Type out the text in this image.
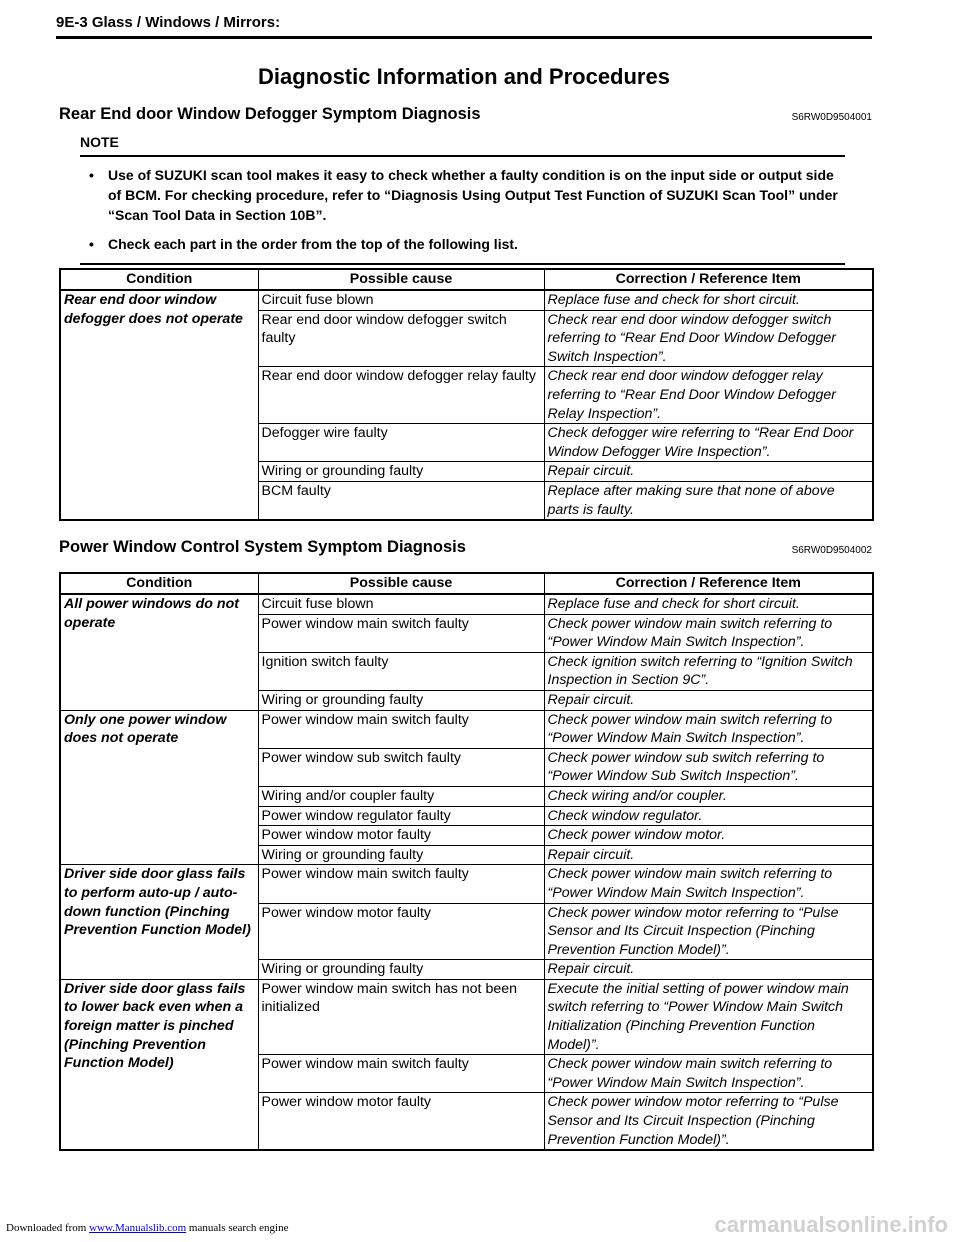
9E-3 Glass / Windows / Mirrors:
Diagnostic Information and Procedures
Rear End door Window Defogger Symptom Diagnosis	S6RW0D9504001
NOTE
• Use of SUZUKI scan tool makes it easy to check whether a faulty condition is on the input side or output side of BCM. For checking procedure, refer to “Diagnosis Using Output Test Function of SUZUKI Scan Tool” under “Scan Tool Data in Section 10B”.
• Check each part in the order from the top of the following list.
Condition	Possible cause	Correction / Reference Item
Rear end door window defogger does not operate	Circuit fuse blown	Replace fuse and check for short circuit.
	Rear end door window defogger switch faulty	Check rear end door window defogger switch referring to “Rear End Door Window Defogger Switch Inspection”.
	Rear end door window defogger relay faulty	Check rear end door window defogger relay referring to “Rear End Door Window Defogger Relay Inspection”.
	Defogger wire faulty	Check defogger wire referring to “Rear End Door Window Defogger Wire Inspection”.
	Wiring or grounding faulty	Repair circuit.
	BCM faulty	Replace after making sure that none of above parts is faulty.
Power Window Control System Symptom Diagnosis	S6RW0D9504002
Condition	Possible cause	Correction / Reference Item
All power windows do not operate	Circuit fuse blown	Replace fuse and check for short circuit.
	Power window main switch faulty	Check power window main switch referring to “Power Window Main Switch Inspection”.
	Ignition switch faulty	Check ignition switch referring to “Ignition Switch Inspection in Section 9C”.
	Wiring or grounding faulty	Repair circuit.
Only one power window does not operate	Power window main switch faulty	Check power window main switch referring to “Power Window Main Switch Inspection”.
	Power window sub switch faulty	Check power window sub switch referring to “Power Window Sub Switch Inspection”.
	Wiring and/or coupler faulty	Check wiring and/or coupler.
	Power window regulator faulty	Check window regulator.
	Power window motor faulty	Check power window motor.
	Wiring or grounding faulty	Repair circuit.
Driver side door glass fails to perform auto-up / auto-down function (Pinching Prevention Function Model)	Power window main switch faulty	Check power window main switch referring to “Power Window Main Switch Inspection”.
	Power window motor faulty	Check power window motor referring to “Pulse Sensor and Its Circuit Inspection (Pinching Prevention Function Model)”.
	Wiring or grounding faulty	Repair circuit.
Driver side door glass fails to lower back even when a foreign matter is pinched (Pinching Prevention Function Model)	Power window main switch has not been initialized	Execute the initial setting of power window main switch referring to “Power Window Main Switch Initialization (Pinching Prevention Function Model)”.
	Power window main switch faulty	Check power window main switch referring to “Power Window Main Switch Inspection”.
	Power window motor faulty	Check power window motor referring to “Pulse Sensor and Its Circuit Inspection (Pinching Prevention Function Model)”.
Downloaded from www.Manualslib.com manuals search engine	carmanualsonline.info
